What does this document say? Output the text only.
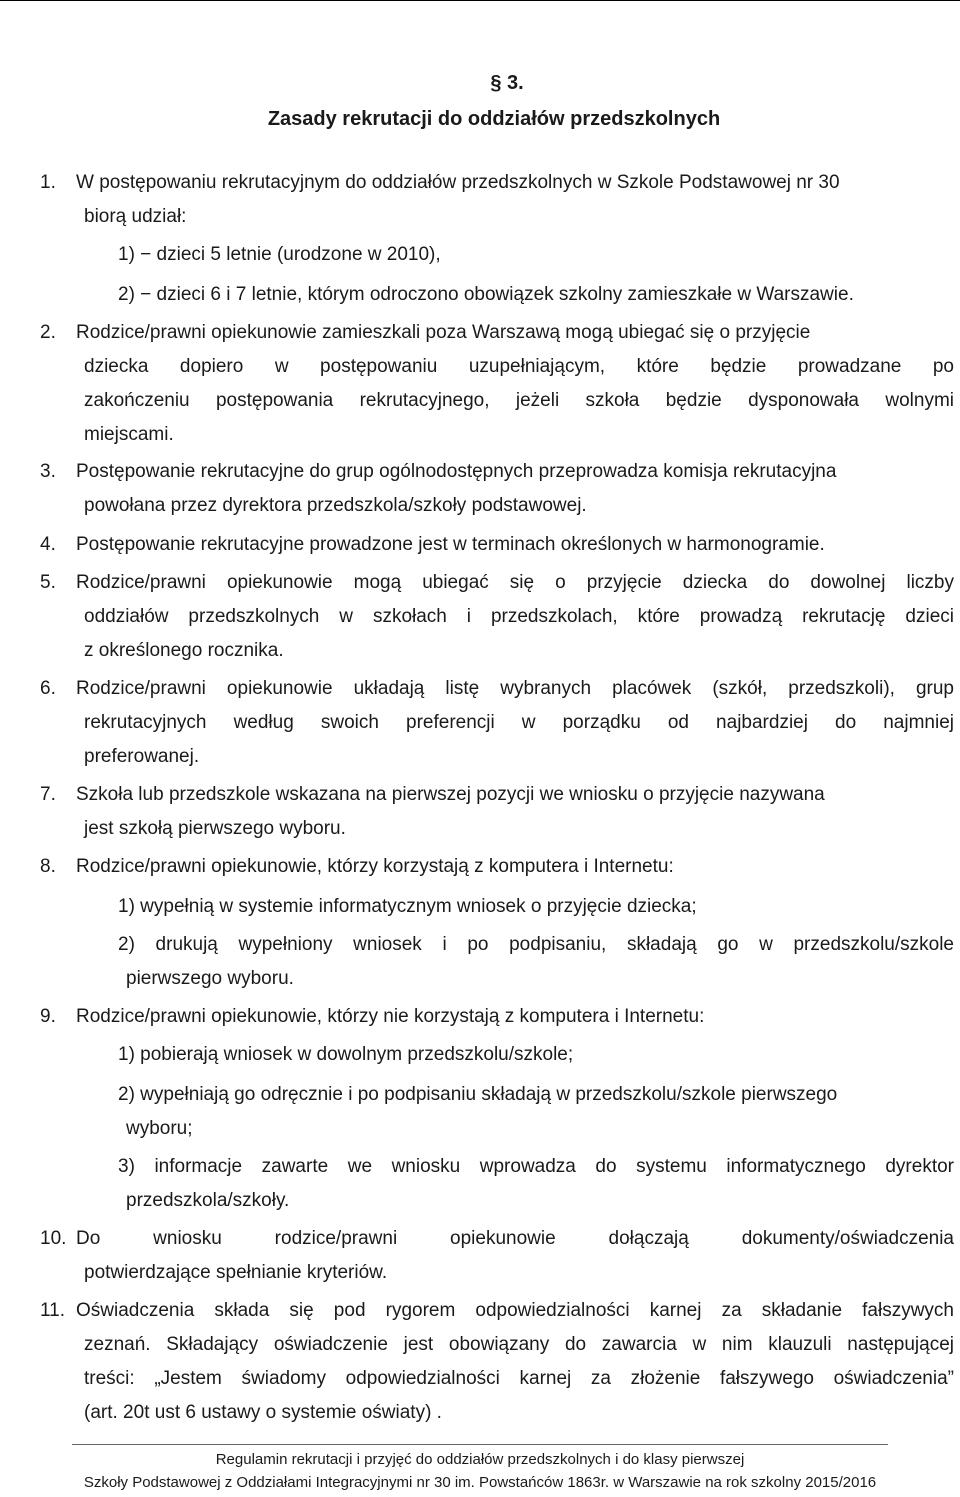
§ 3.
Zasady rekrutacji do oddziałów przedszkolnych
1. W postępowaniu rekrutacyjnym do oddziałów przedszkolnych w Szkole Podstawowej nr 30
biorą udział:
1) − dzieci 5 letnie (urodzone w 2010),
2) − dzieci 6 i 7 letnie, którym odroczono obowiązek szkolny zamieszkałe w Warszawie.
2. Rodzice/prawni opiekunowie zamieszkali poza Warszawą mogą ubiegać się o przyjęcie
dziecka dopiero w postępowaniu uzupełniającym, które będzie prowadzane po
zakończeniu postępowania rekrutacyjnego, jeżeli szkoła będzie dysponowała wolnymi
miejscami.
3. Postępowanie rekrutacyjne do grup ogólnodostępnych przeprowadza komisja rekrutacyjna
powołana przez dyrektora przedszkola/szkoły podstawowej.
4. Postępowanie rekrutacyjne prowadzone jest w terminach określonych w harmonogramie.
5. Rodzice/prawni opiekunowie mogą ubiegać się o przyjęcie dziecka do dowolnej liczby
oddziałów przedszkolnych w szkołach i przedszkolach, które prowadzą rekrutację dzieci
z określonego rocznika.
6. Rodzice/prawni opiekunowie układają listę wybranych placówek (szkół, przedszkoli), grup
rekrutacyjnych według swoich preferencji w porządku od najbardziej do najmniej
preferowanej.
7. Szkoła lub przedszkole wskazana na pierwszej pozycji we wniosku o przyjęcie nazywana
jest szkołą pierwszego wyboru.
8. Rodzice/prawni opiekunowie, którzy korzystają z komputera i Internetu:
1) wypełnią w systemie informatycznym wniosek o przyjęcie dziecka;
2) drukują wypełniony wniosek i po podpisaniu, składają go w przedszkolu/szkole
pierwszego wyboru.
9. Rodzice/prawni opiekunowie, którzy nie korzystają z komputera i Internetu:
1) pobierają wniosek w dowolnym przedszkolu/szkole;
2) wypełniają go odręcznie i po podpisaniu składają w przedszkolu/szkole pierwszego
wyboru;
3) informacje zawarte we wniosku wprowadza do systemu informatycznego dyrektor
przedszkola/szkoły.
10. Do wniosku rodzice/prawni opiekunowie dołączają dokumenty/oświadczenia
potwierdzające spełnianie kryteriów.
11. Oświadczenia składa się pod rygorem odpowiedzialności karnej za składanie fałszywych
zeznań. Składający oświadczenie jest obowiązany do zawarcia w nim klauzuli następującej
treści: „Jestem świadomy odpowiedzialności karnej za złożenie fałszywego oświadczenia”
(art. 20t ust 6 ustawy o systemie oświaty) .
Regulamin rekrutacji i przyjęć do oddziałów przedszkolnych i do klasy pierwszej
Szkoły Podstawowej z Oddziałami Integracyjnymi nr 30 im. Powstańców 1863r. w Warszawie na rok szkolny 2015/2016
